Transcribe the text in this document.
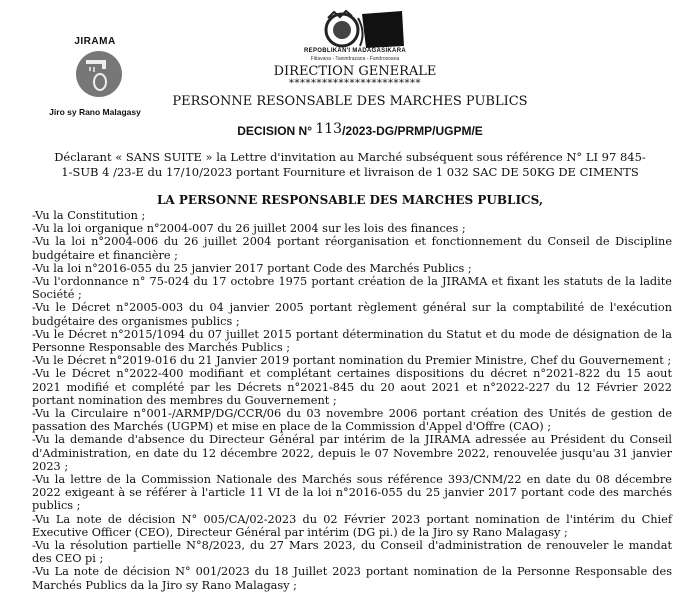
JIRAMA
Jiro sy Rano Malagasy
REPOBLIKAN'I MADAGASIKARA
Fitiavana - Tanindrazana - Fandrosoana
DIRECTION GENERALE
************************
PERSONNE RESONSABLE DES MARCHES PUBLICS
DECISION N° 113/2023-DG/PRMP/UGPM/E
Déclarant « SANS SUITE » la Lettre d'invitation au Marché subséquent sous référence N° LI 97 845-1-SUB 4 /23-E du 17/10/2023 portant Fourniture et livraison de 1 032 SAC DE 50KG DE CIMENTS
LA PERSONNE RESPONSABLE DES MARCHES PUBLICS,
-Vu la Constitution ;
-Vu la loi organique n°2004-007 du 26 juillet 2004 sur les lois des finances ;
-Vu la loi n°2004-006 du 26 juillet 2004 portant réorganisation et fonctionnement du Conseil de Discipline budgétaire et financière ;
-Vu la loi n°2016-055 du 25 janvier 2017 portant Code des Marchés Publics ;
-Vu l'ordonnance n° 75-024 du 17 octobre 1975 portant création de la JIRAMA et fixant les statuts de la ladite Société ;
-Vu le Décret n°2005-003 du 04 janvier 2005 portant règlement général sur la comptabilité de l'exécution budgétaire des organismes publics ;
-Vu le Décret n°2015/1094 du 07 juillet 2015 portant détermination du Statut et du mode de désignation de la Personne Responsable des Marchés Publics ;
-Vu le Décret n°2019-016 du 21 Janvier 2019 portant nomination du Premier Ministre, Chef du Gouvernement ;
-Vu le Décret n°2022-400 modifiant et complétant certaines dispositions du décret n°2021-822 du 15 aout 2021 modifié et complété par les Décrets n°2021-845 du 20 aout 2021 et n°2022-227 du 12 Février 2022 portant nomination des membres du Gouvernement ;
-Vu la Circulaire n°001-/ARMP/DG/CCR/06 du 03 novembre 2006 portant création des Unités de gestion de passation des Marchés (UGPM) et mise en place de la Commission d'Appel d'Offre (CAO) ;
-Vu la demande d'absence du Directeur Général par intérim de la JIRAMA adressée au Président du Conseil d'Administration, en date du 12 décembre 2022, depuis le 07 Novembre 2022, renouvelée jusqu'au 31 janvier 2023 ;
-Vu la lettre de la Commission Nationale des Marchés sous référence 393/CNM/22 en date du 08 décembre 2022 exigeant à se référer à l'article 11 VI de la loi n°2016-055 du 25 janvier 2017 portant code des marchés publics ;
-Vu La note de décision N° 005/CA/02-2023 du 02 Février 2023 portant nomination de l'intérim du Chief Executive Officer (CEO), Directeur Général par intérim (DG pi.) de la Jiro sy Rano Malagasy ;
-Vu la résolution partielle N°8/2023, du 27 Mars 2023, du Conseil d'administration de renouveler le mandat des CEO pi ;
-Vu La note de décision N° 001/2023 du 18 Juillet 2023 portant nomination de la Personne Responsable des Marchés Publics da la Jiro sy Rano Malagasy ;
